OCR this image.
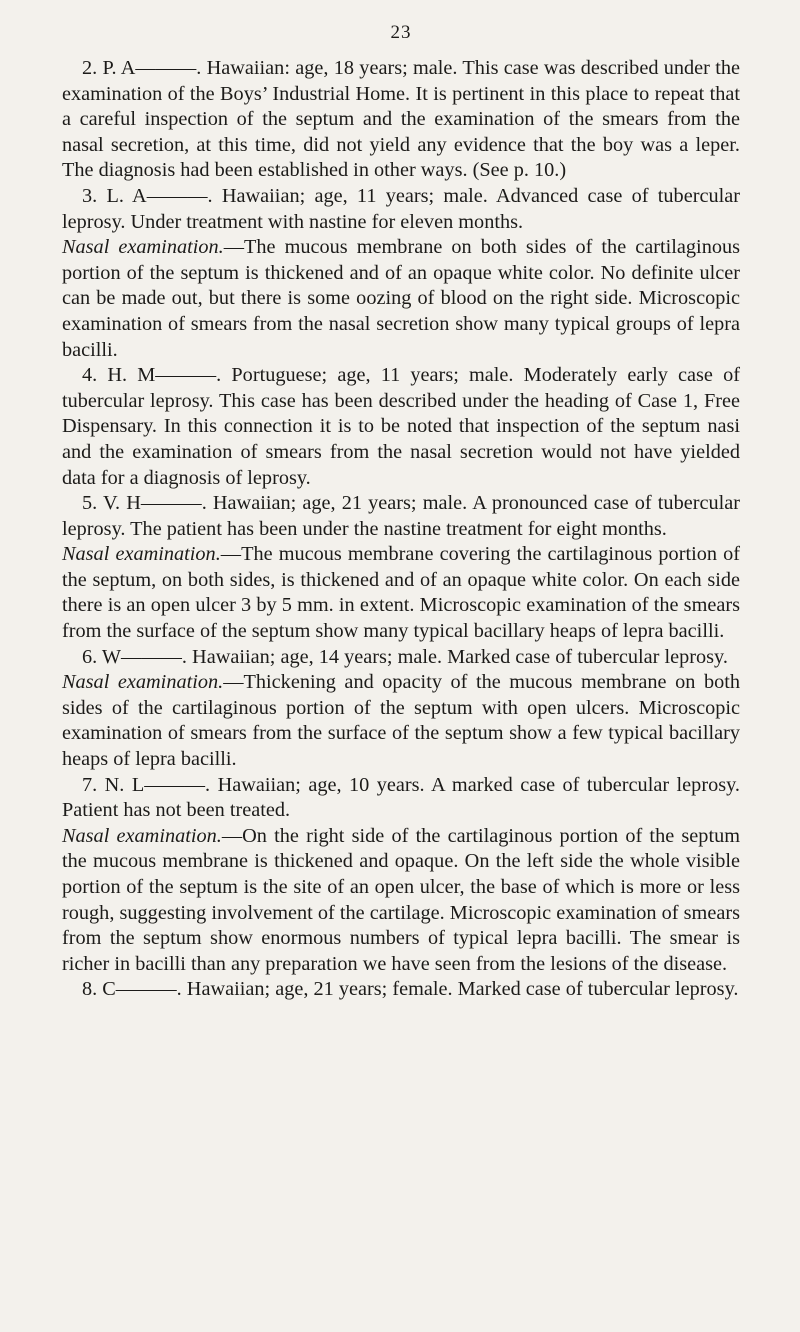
23

2. P. A———. Hawaiian: age, 18 years; male. This case was described under the examination of the Boys’ Industrial Home. It is pertinent in this place to repeat that a careful inspection of the septum and the examination of the smears from the nasal secretion, at this time, did not yield any evidence that the boy was a leper. The diagnosis had been established in other ways. (See p. 10.)

3. L. A———. Hawaiian; age, 11 years; male. Advanced case of tubercular leprosy. Under treatment with nastine for eleven months.

Nasal examination.—The mucous membrane on both sides of the cartilaginous portion of the septum is thickened and of an opaque white color. No definite ulcer can be made out, but there is some oozing of blood on the right side. Microscopic examination of smears from the nasal secretion show many typical groups of lepra bacilli.

4. H. M———. Portuguese; age, 11 years; male. Moderately early case of tubercular leprosy. This case has been described under the heading of Case 1, Free Dispensary. In this connection it is to be noted that inspection of the septum nasi and the examination of smears from the nasal secretion would not have yielded data for a diagnosis of leprosy.

5. V. H———. Hawaiian; age, 21 years; male. A pronounced case of tubercular leprosy. The patient has been under the nastine treatment for eight months.

Nasal examination.—The mucous membrane covering the cartilaginous portion of the septum, on both sides, is thickened and of an opaque white color. On each side there is an open ulcer 3 by 5 mm. in extent. Microscopic examination of the smears from the surface of the septum show many typical bacillary heaps of lepra bacilli.

6. W———. Hawaiian; age, 14 years; male. Marked case of tubercular leprosy.

Nasal examination.—Thickening and opacity of the mucous membrane on both sides of the cartilaginous portion of the septum with open ulcers. Microscopic examination of smears from the surface of the septum show a few typical bacillary heaps of lepra bacilli.

7. N. L———. Hawaiian; age, 10 years. A marked case of tubercular leprosy. Patient has not been treated.

Nasal examination.—On the right side of the cartilaginous portion of the septum the mucous membrane is thickened and opaque. On the left side the whole visible portion of the septum is the site of an open ulcer, the base of which is more or less rough, suggesting involvement of the cartilage. Microscopic examination of smears from the septum show enormous numbers of typical lepra bacilli. The smear is richer in bacilli than any preparation we have seen from the lesions of the disease.

8. C———. Hawaiian; age, 21 years; female. Marked case of tubercular leprosy.
